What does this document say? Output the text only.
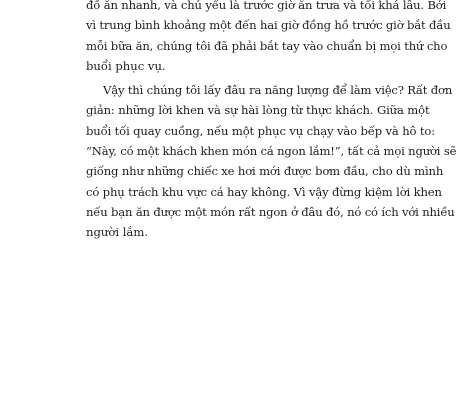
đồ ăn nhanh, và chủ yếu là trước giờ ăn trưa và tối khá lâu. Bởi
vì trung bình khoảng một đến hai giờ đồng hồ trước giờ bắt đầu
mỗi bữa ăn, chúng tôi đã phải bắt tay vào chuẩn bị mọi thứ cho
buổi phục vụ.

Vậy thì chúng tôi lấy đâu ra năng lượng để làm việc? Rất đơn
giản: những lời khen và sự hài lòng từ thực khách. Giữa một
buổi tối quay cuồng, nếu một phục vụ chạy vào bếp và hô to:
“Này, có một khách khen món cá ngon lắm!”, tất cả mọi người sẽ
giống như những chiếc xe hơi mới được bơm đầu, cho dù mình
có phụ trách khu vực cá hay không. Vì vậy đừng kiệm lời khen
nếu bạn ăn được một món rất ngon ở đâu đó, nó có ích với nhiều
người lắm.
